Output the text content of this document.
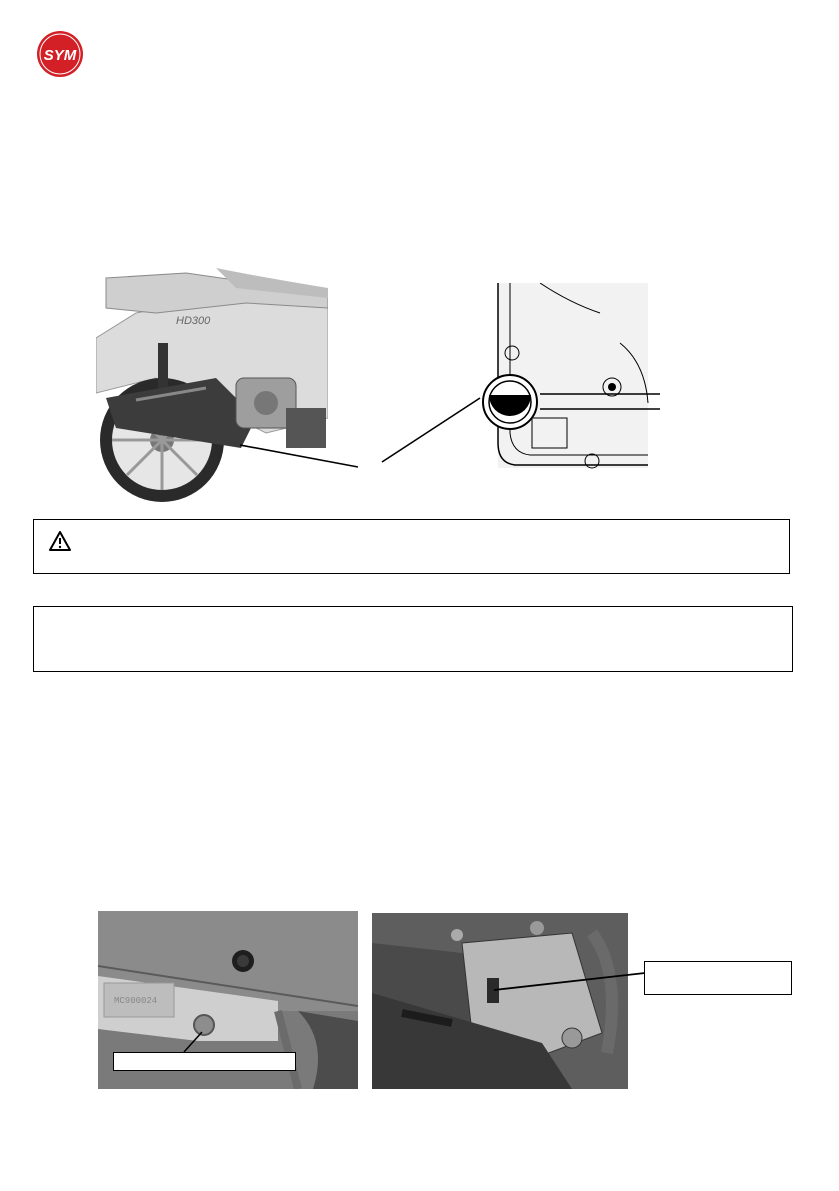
SYM
HD300
MC900024
